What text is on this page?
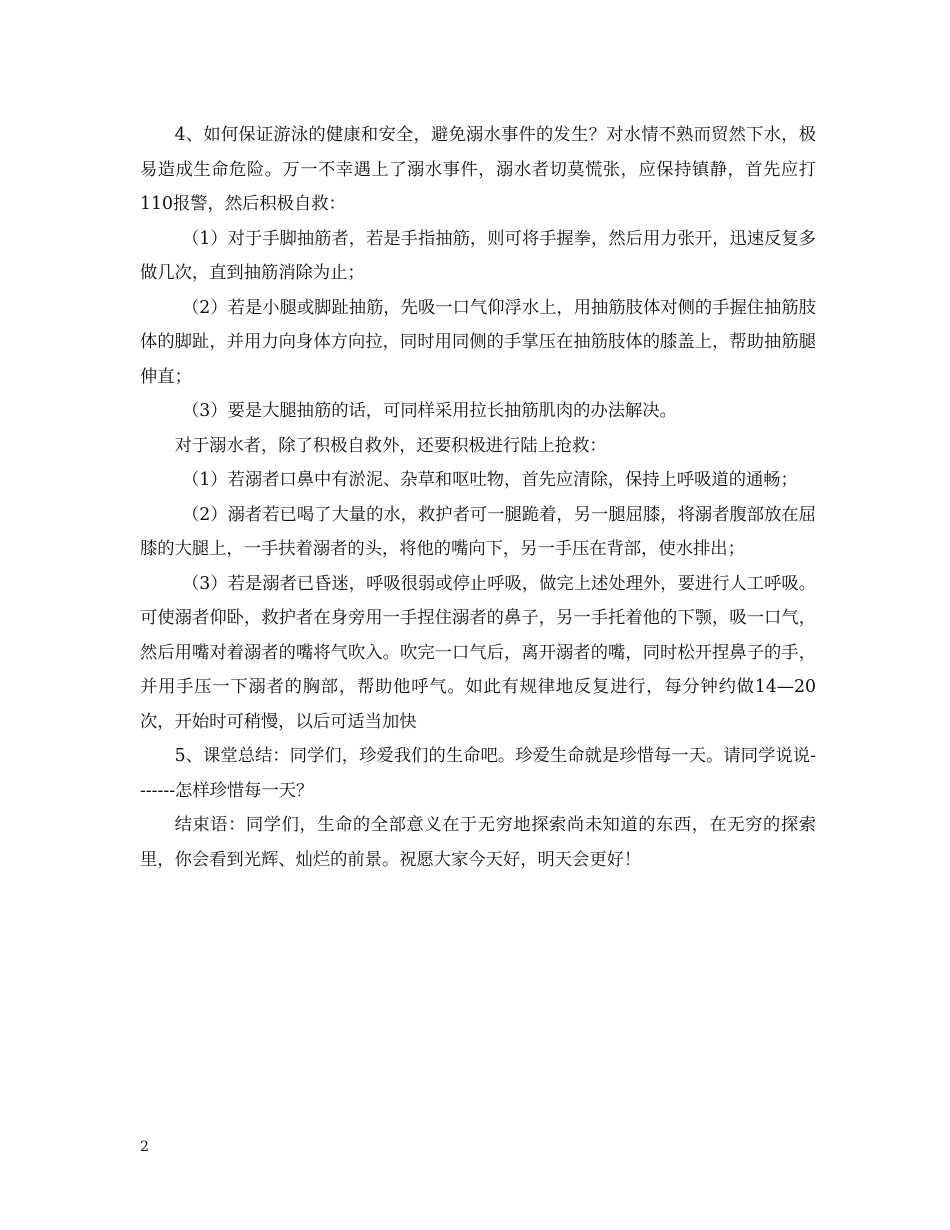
4、如何保证游泳的健康和安全，避免溺水事件的发生？对水情不熟而贸然下水，极易造成生命危险。万一不幸遇上了溺水事件，溺水者切莫慌张，应保持镇静，首先应打110报警，然后积极自救：

（1）对于手脚抽筋者，若是手指抽筋，则可将手握拳，然后用力张开，迅速反复多做几次，直到抽筋消除为止；

（2）若是小腿或脚趾抽筋，先吸一口气仰浮水上，用抽筋肢体对侧的手握住抽筋肢体的脚趾，并用力向身体方向拉，同时用同侧的手掌压在抽筋肢体的膝盖上，帮助抽筋腿伸直；

（3）要是大腿抽筋的话，可同样采用拉长抽筋肌肉的办法解决。

对于溺水者，除了积极自救外，还要积极进行陆上抢救：

（1）若溺者口鼻中有淤泥、杂草和呕吐物，首先应清除，保持上呼吸道的通畅；

（2）溺者若已喝了大量的水，救护者可一腿跪着，另一腿屈膝，将溺者腹部放在屈膝的大腿上，一手扶着溺者的头，将他的嘴向下，另一手压在背部，使水排出；

（3）若是溺者已昏迷，呼吸很弱或停止呼吸，做完上述处理外，要进行人工呼吸。可使溺者仰卧，救护者在身旁用一手捏住溺者的鼻子，另一手托着他的下颚，吸一口气，然后用嘴对着溺者的嘴将气吹入。吹完一口气后，离开溺者的嘴，同时松开捏鼻子的手，并用手压一下溺者的胸部，帮助他呼气。如此有规律地反复进行，每分钟约做14—20次，开始时可稍慢，以后可适当加快

5、课堂总结：同学们，珍爱我们的生命吧。珍爱生命就是珍惜每一天。请同学说说-------怎样珍惜每一天？

结束语：同学们，生命的全部意义在于无穷地探索尚未知道的东西，在无穷的探索里，你会看到光辉、灿烂的前景。祝愿大家今天好，明天会更好！

2
